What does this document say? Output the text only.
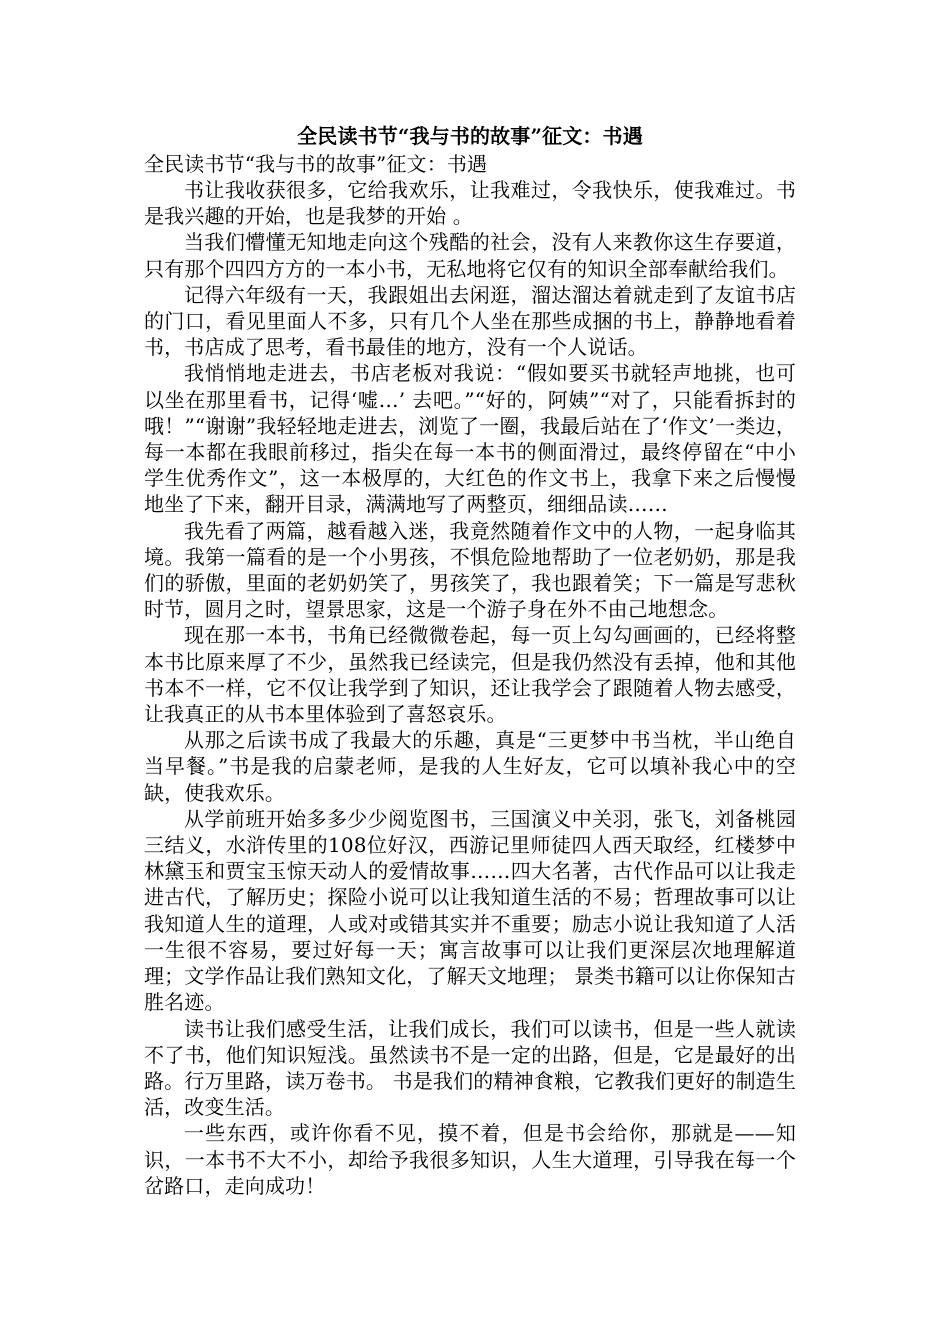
全民读书节“我与书的故事”征文：书遇

全民读书节“我与书的故事”征文：书遇

书让我收获很多，它给我欢乐，让我难过，令我快乐，使我难过。书是我兴趣的开始，也是我梦的开始 。

当我们懵懂无知地走向这个残酷的社会，没有人来教你这生存要道，只有那个四四方方的一本小书，无私地将它仅有的知识全部奉献给我们。

记得六年级有一天，我跟姐出去闲逛，溜达溜达着就走到了友谊书店的门口，看见里面人不多，只有几个人坐在那些成捆的书上，静静地看着书，书店成了思考，看书最佳的地方，没有一个人说话。

我悄悄地走进去，书店老板对我说：“假如要买书就轻声地挑，也可以坐在那里看书，记得‘嘘…’ 去吧。”“好的，阿姨”“对了，只能看拆封的哦！”“谢谢”我轻轻地走进去，浏览了一圈，我最后站在了‘作文’一类边，每一本都在我眼前移过，指尖在每一本书的侧面滑过，最终停留在“中小学生优秀作文”，这一本极厚的，大红色的作文书上，我拿下来之后慢慢地坐了下来，翻开目录，满满地写了两整页，细细品读……

我先看了两篇，越看越入迷，我竟然随着作文中的人物，一起身临其境。我第一篇看的是一个小男孩，不惧危险地帮助了一位老奶奶，那是我们的骄傲，里面的老奶奶笑了，男孩笑了，我也跟着笑；下一篇是写悲秋时节，圆月之时，望景思家，这是一个游子身在外不由己地想念。

现在那一本书，书角已经微微卷起，每一页上勾勾画画的，已经将整本书比原来厚了不少，虽然我已经读完，但是我仍然没有丢掉，他和其他书本不一样，它不仅让我学到了知识，还让我学会了跟随着人物去感受，让我真正的从书本里体验到了喜怒哀乐。

从那之后读书成了我最大的乐趣，真是“三更梦中书当枕，半山绝自当早餐。”书是我的启蒙老师，是我的人生好友，它可以填补我心中的空缺，使我欢乐。

从学前班开始多多少少阅览图书，三国演义中关羽，张飞，刘备桃园三结义，水浒传里的108位好汉，西游记里师徒四人西天取经，红楼梦中林黛玉和贾宝玉惊天动人的爱情故事……四大名著，古代作品可以让我走进古代，了解历史；探险小说可以让我知道生活的不易；哲理故事可以让我知道人生的道理，人或对或错其实并不重要；励志小说让我知道了人活一生很不容易，要过好每一天；寓言故事可以让我们更深层次地理解道理；文学作品让我们熟知文化，了解天文地理； 景类书籍可以让你保知古胜名迹。

读书让我们感受生活，让我们成长，我们可以读书，但是一些人就读不了书，他们知识短浅。虽然读书不是一定的出路，但是，它是最好的出路。行万里路，读万卷书。 书是我们的精神食粮，它教我们更好的制造生活，改变生活。

一些东西，或许你看不见，摸不着，但是书会给你，那就是——知识，一本书不大不小，却给予我很多知识，人生大道理，引导我在每一个岔路口，走向成功！
